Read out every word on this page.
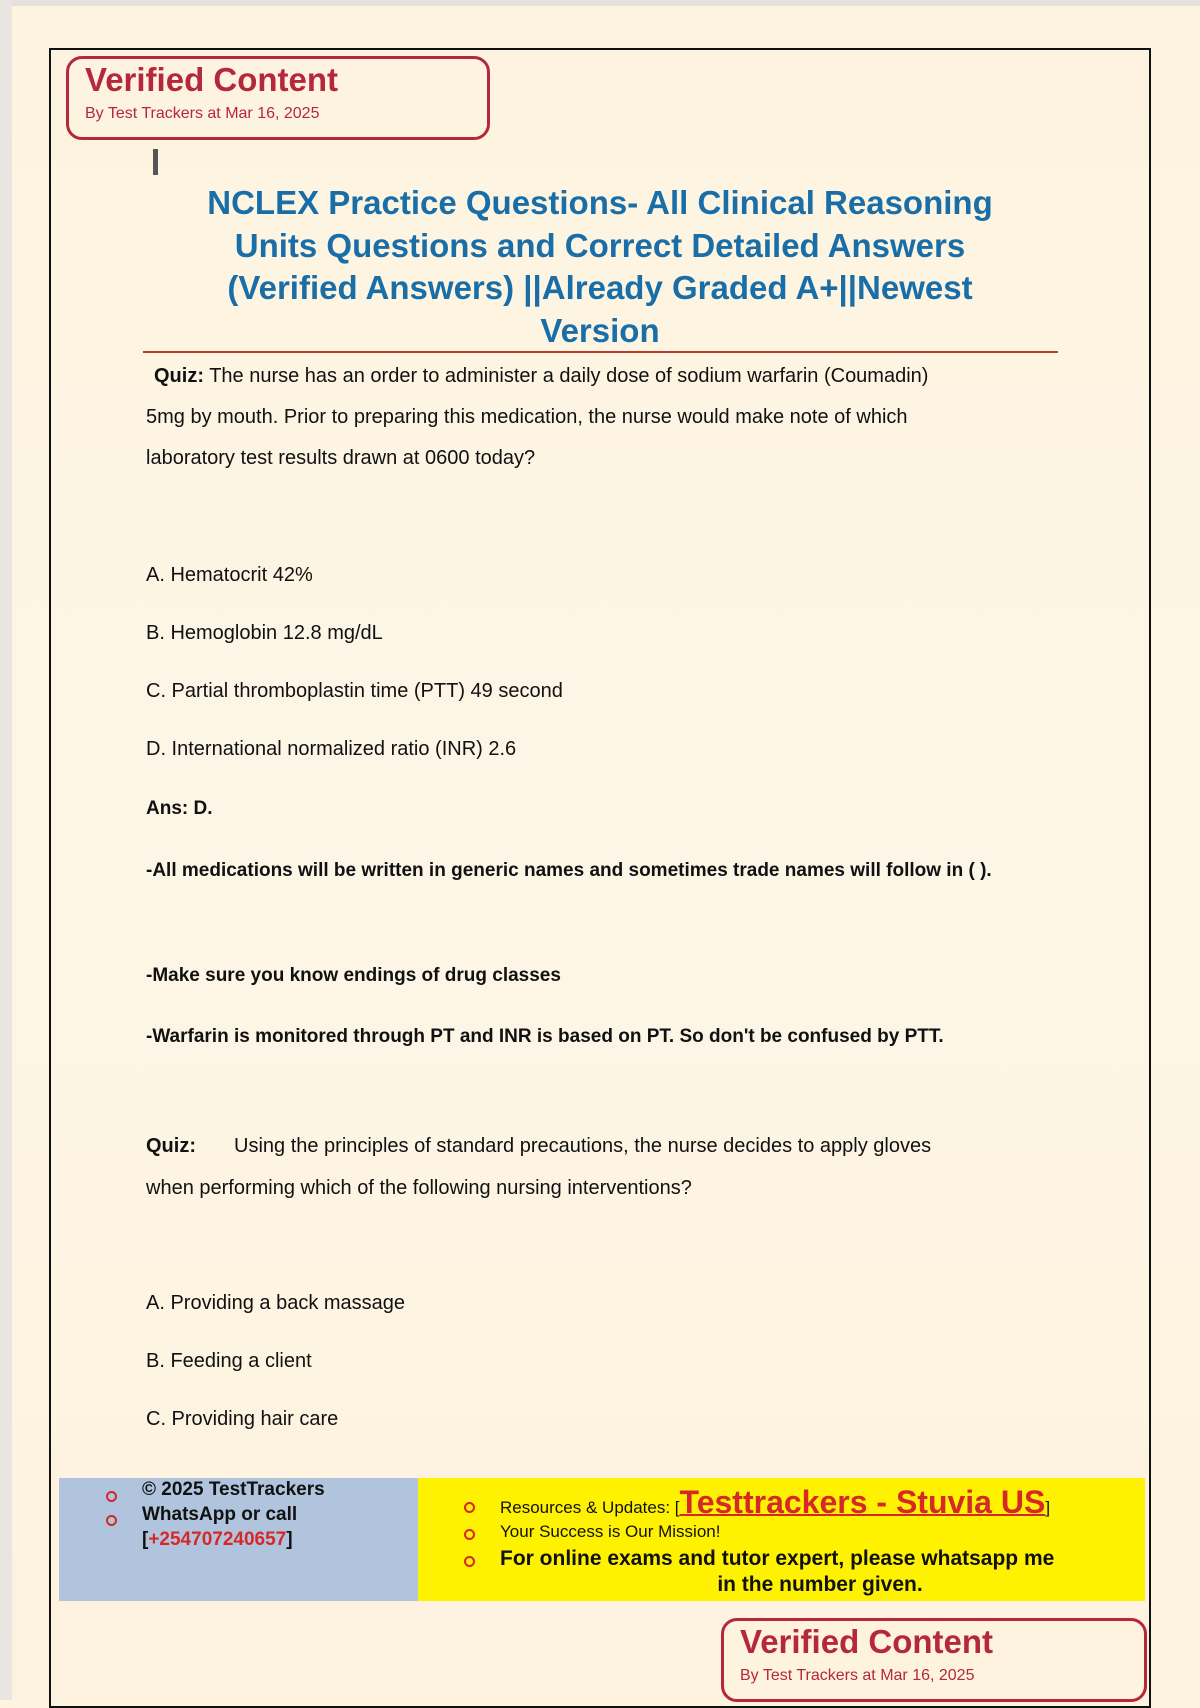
Verified Content
By Test Trackers at Mar 16, 2025
NCLEX Practice Questions- All Clinical Reasoning
Units Questions and Correct Detailed Answers
(Verified Answers) ||Already Graded A+||Newest
Version
Quiz: The nurse has an order to administer a daily dose of sodium warfarin (Coumadin)
5mg by mouth. Prior to preparing this medication, the nurse would make note of which
laboratory test results drawn at 0600 today?
A. Hematocrit 42%
B. Hemoglobin 12.8 mg/dL
C. Partial thromboplastin time (PTT) 49 second
D. International normalized ratio (INR) 2.6
Ans: D.
-All medications will be written in generic names and sometimes trade names will follow in ( ).
-Make sure you know endings of drug classes
-Warfarin is monitored through PT and INR is based on PT. So don't be confused by PTT.
Quiz: Using the principles of standard precautions, the nurse decides to apply gloves
when performing which of the following nursing interventions?
A. Providing a back massage
B. Feeding a client
C. Providing hair care
© 2025 TestTrackers
WhatsApp or call
[+254707240657]
Resources & Updates: [Testtrackers - Stuvia US]
Your Success is Our Mission!
For online exams and tutor expert, please whatsapp me
in the number given.
Verified Content
By Test Trackers at Mar 16, 2025
